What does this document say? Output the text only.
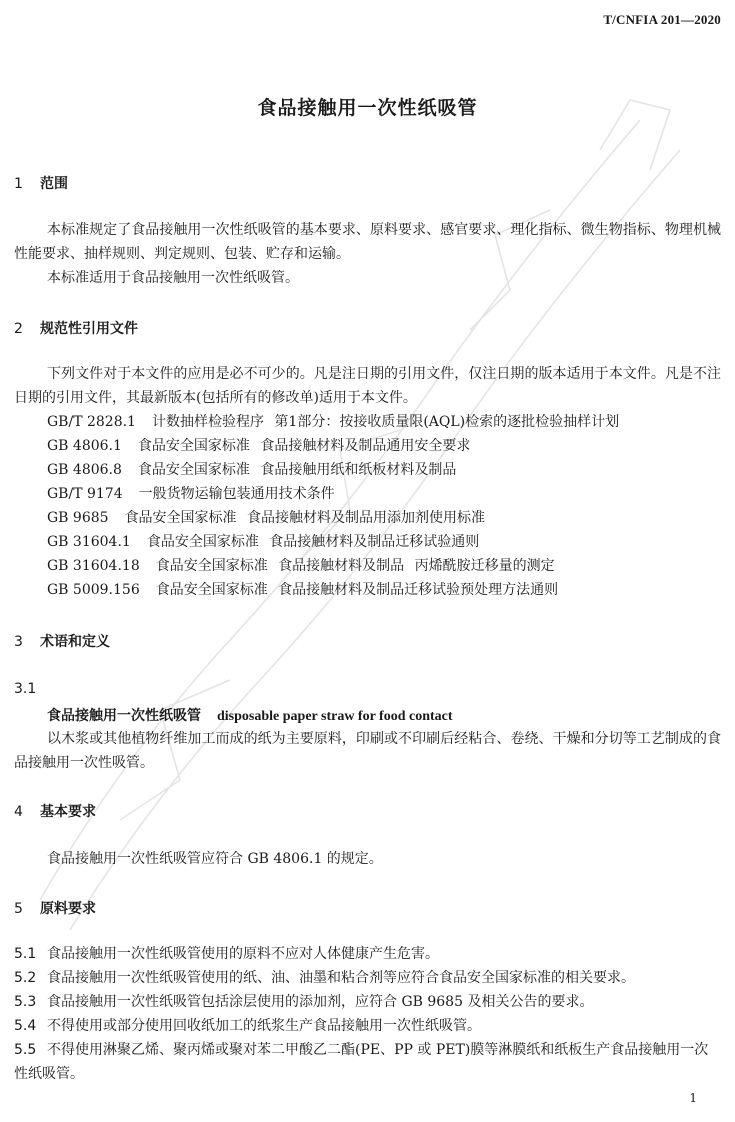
T/CNFIA 201—2020
食品接触用一次性纸吸管
1 范围
本标准规定了食品接触用一次性纸吸管的基本要求、原料要求、感官要求、理化指标、微生物指标、物理机械性能要求、抽样规则、判定规则、包装、贮存和运输。
本标准适用于食品接触用一次性纸吸管。
2 规范性引用文件
下列文件对于本文件的应用是必不可少的。凡是注日期的引用文件，仅注日期的版本适用于本文件。凡是不注日期的引用文件，其最新版本(包括所有的修改单)适用于本文件。
GB/T 2828.1 计数抽样检验程序 第1部分：按接收质量限(AQL)检索的逐批检验抽样计划
GB 4806.1 食品安全国家标准 食品接触材料及制品通用安全要求
GB 4806.8 食品安全国家标准 食品接触用纸和纸板材料及制品
GB/T 9174 一般货物运输包装通用技术条件
GB 9685 食品安全国家标准 食品接触材料及制品用添加剂使用标准
GB 31604.1 食品安全国家标准 食品接触材料及制品迁移试验通则
GB 31604.18 食品安全国家标准 食品接触材料及制品 丙烯酰胺迁移量的测定
GB 5009.156 食品安全国家标准 食品接触材料及制品迁移试验预处理方法通则
3 术语和定义
3.1
食品接触用一次性纸吸管 disposable paper straw for food contact
以木浆或其他植物纤维加工而成的纸为主要原料，印刷或不印刷后经粘合、卷绕、干燥和分切等工艺制成的食品接触用一次性吸管。
4 基本要求
食品接触用一次性纸吸管应符合 GB 4806.1 的规定。
5 原料要求
5.1 食品接触用一次性纸吸管使用的原料不应对人体健康产生危害。
5.2 食品接触用一次性纸吸管使用的纸、油、油墨和粘合剂等应符合食品安全国家标准的相关要求。
5.3 食品接触用一次性纸吸管包括涂层使用的添加剂，应符合 GB 9685 及相关公告的要求。
5.4 不得使用或部分使用回收纸加工的纸浆生产食品接触用一次性纸吸管。
5.5 不得使用淋聚乙烯、聚丙烯或聚对苯二甲酸乙二酯(PE、PP 或 PET)膜等淋膜纸和纸板生产食品接触用一次性纸吸管。
1
